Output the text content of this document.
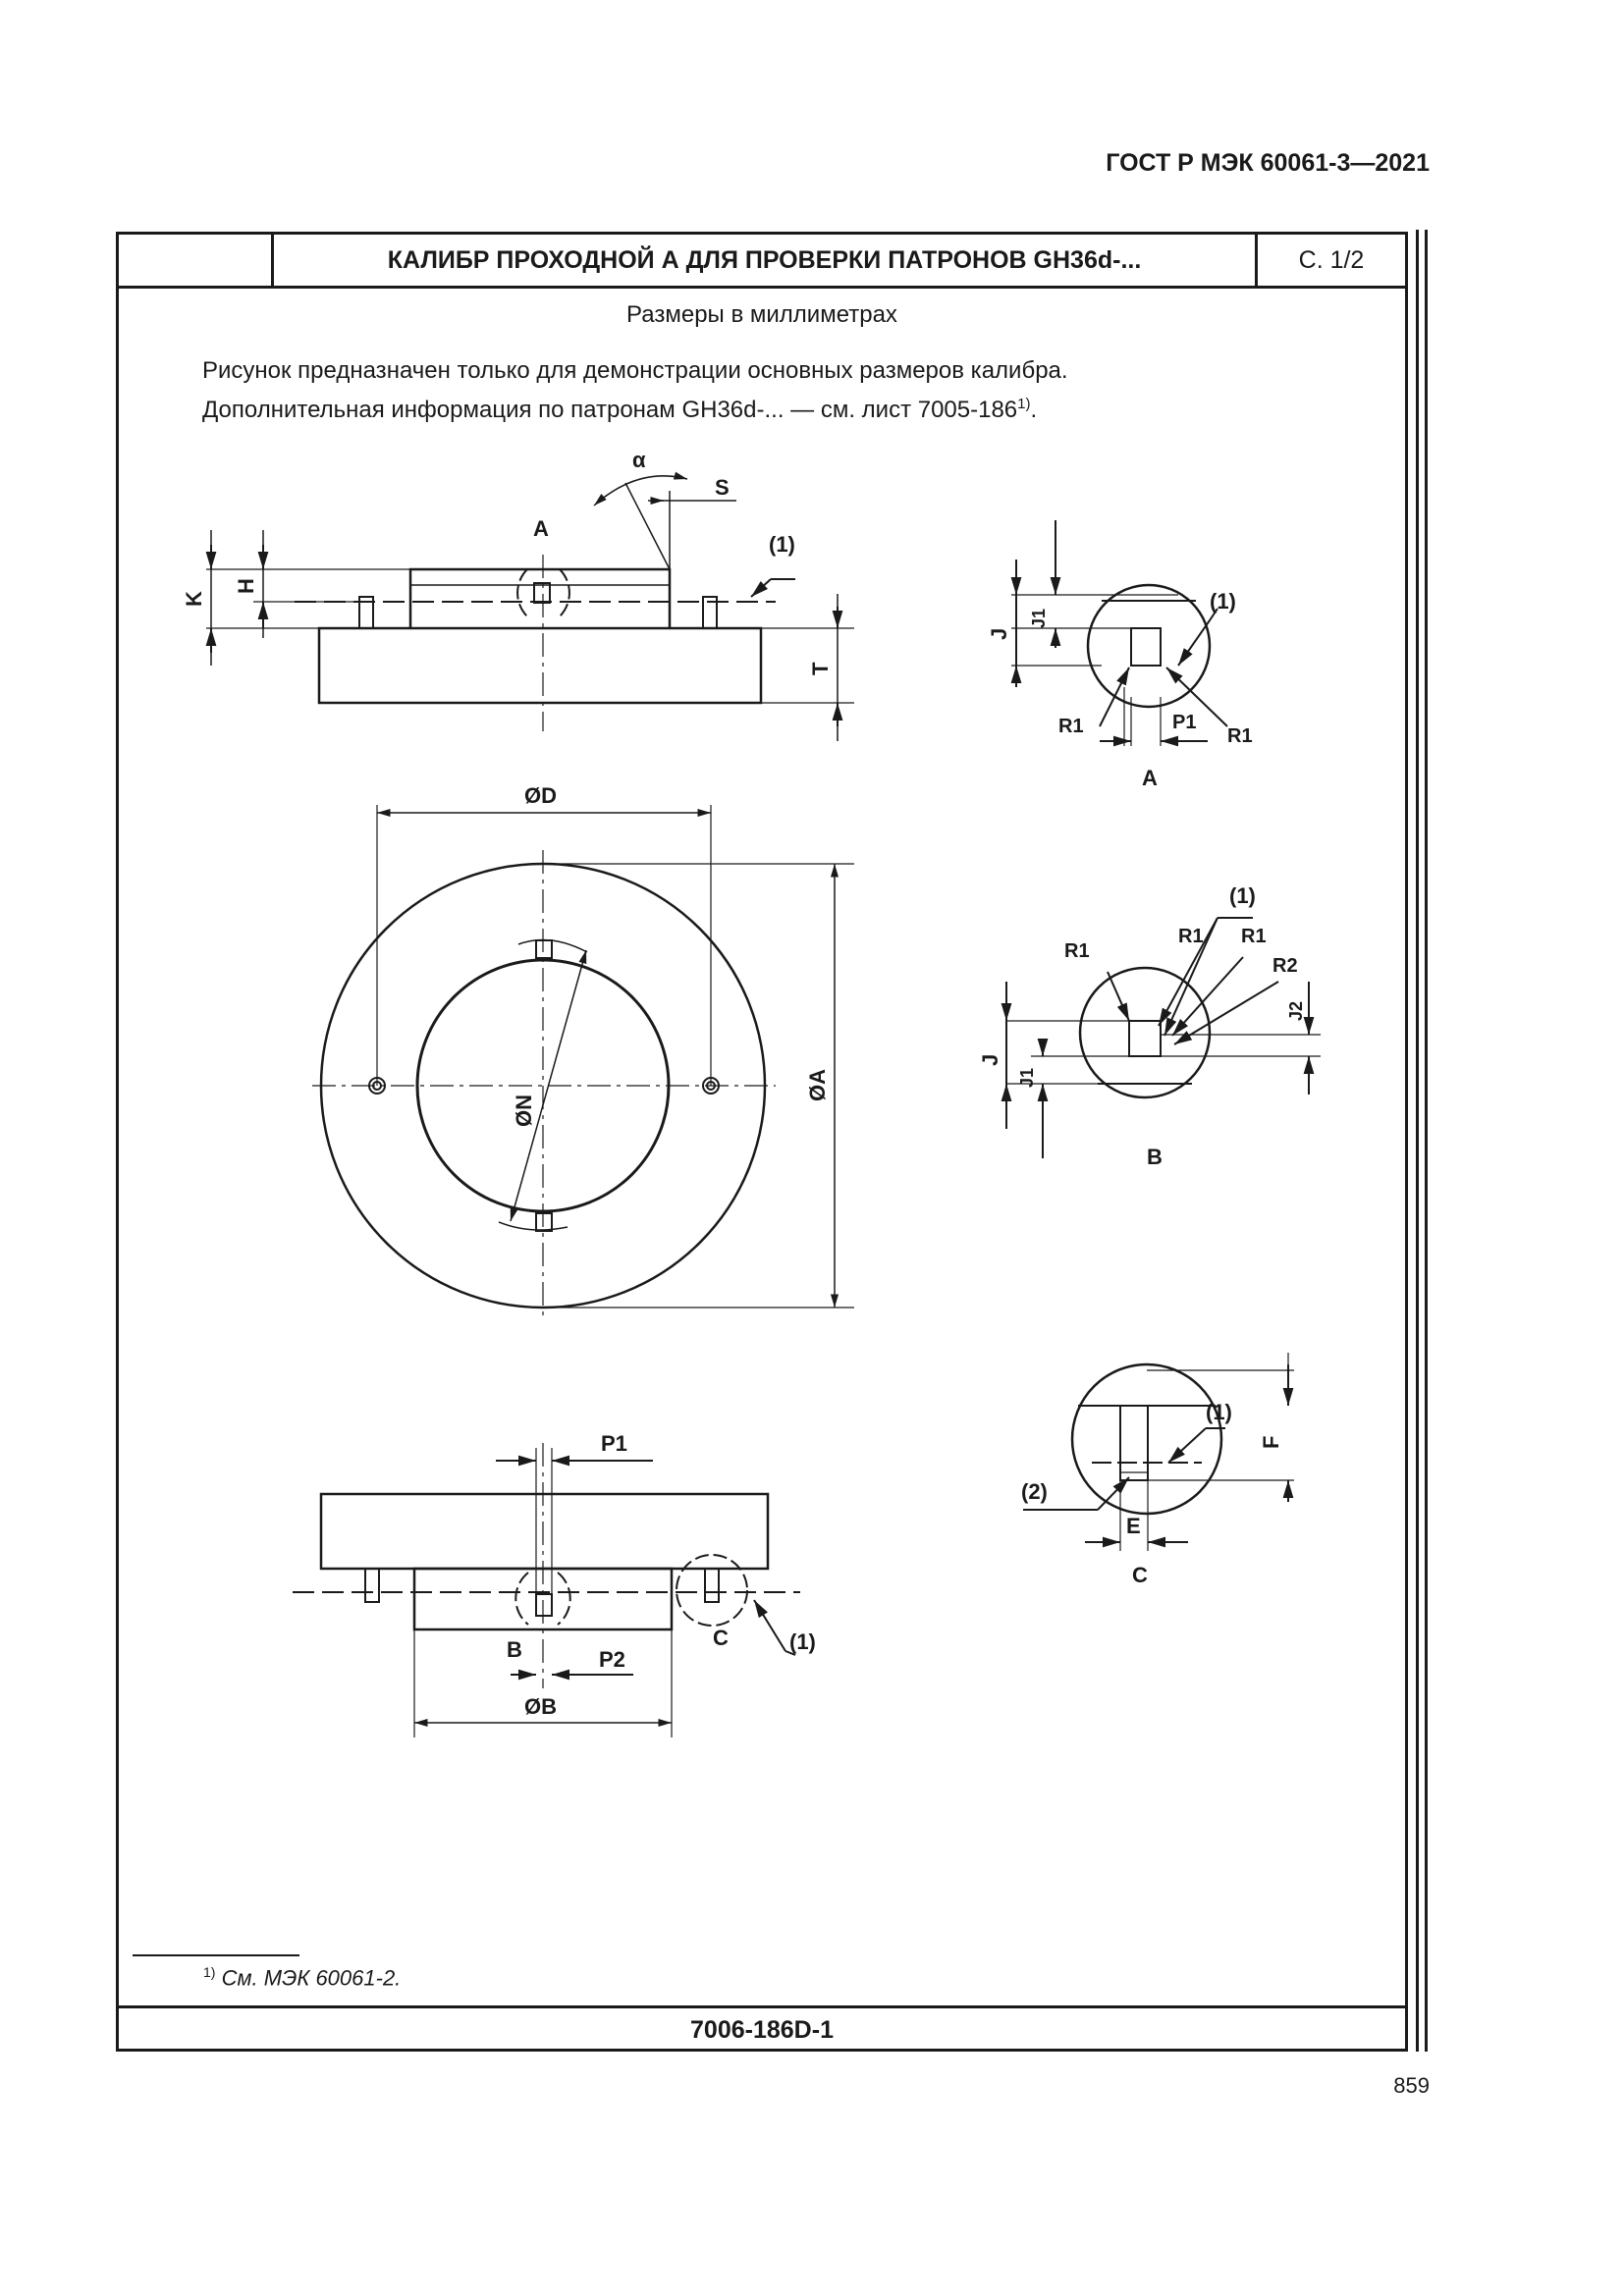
ГОСТ Р МЭК 60061-3—2021
КАЛИБР ПРОХОДНОЙ А ДЛЯ ПРОВЕРКИ ПАТРОНОВ GH36d-...	С. 1/2
Размеры в миллиметрах
Рисунок предназначен только для демонстрации основных размеров калибра.
Дополнительная информация по патронам GH36d-... — см. лист 7005-186$^{1)}$.
$^{1)}$ См. МЭК 60061-2.
7006-186D-1
859
α
S
A
(1)
K
H
T
(1)
J
J1
R1	P1
R1
A
ØD
ØN
ØA
(1)
R1
R1 R1
R2
J2
J
J1
B
P1
B	P2
C	(1)
ØB
(1)
F
(2)
E
C
